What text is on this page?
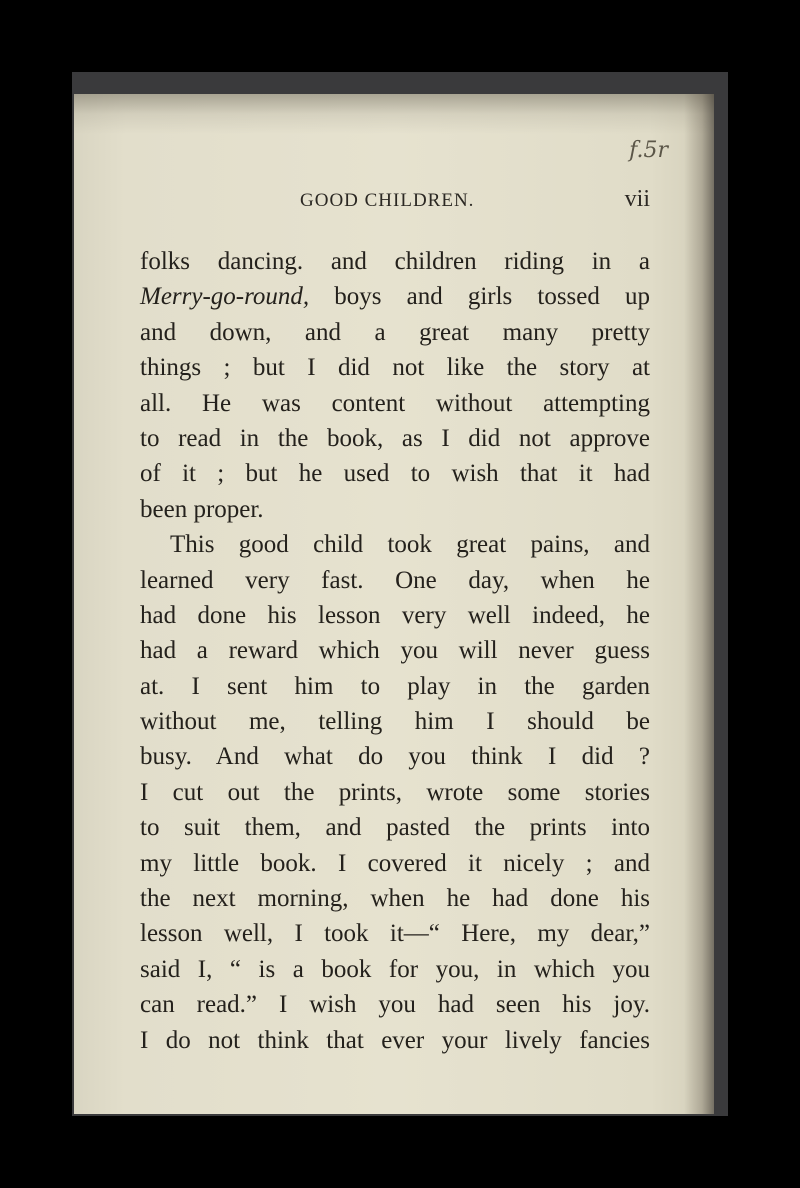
f.5r
GOOD CHILDREN.	vii
folks dancing. and children riding in a
Merry-go-round, boys and girls tossed up
and down, and a great many pretty
things ; but I did not like the story at
all. He was content without attempting
to read in the book, as I did not approve
of it ; but he used to wish that it had
been proper.
This good child took great pains, and
learned very fast. One day, when he
had done his lesson very well indeed, he
had a reward which you will never guess
at. I sent him to play in the garden
without me, telling him I should be
busy. And what do you think I did ?
I cut out the prints, wrote some stories
to suit them, and pasted the prints into
my little book. I covered it nicely ; and
the next morning, when he had done his
lesson well, I took it—“ Here, my dear,”
said I, “ is a book for you, in which you
can read.” I wish you had seen his joy.
I do not think that ever your lively fancies
